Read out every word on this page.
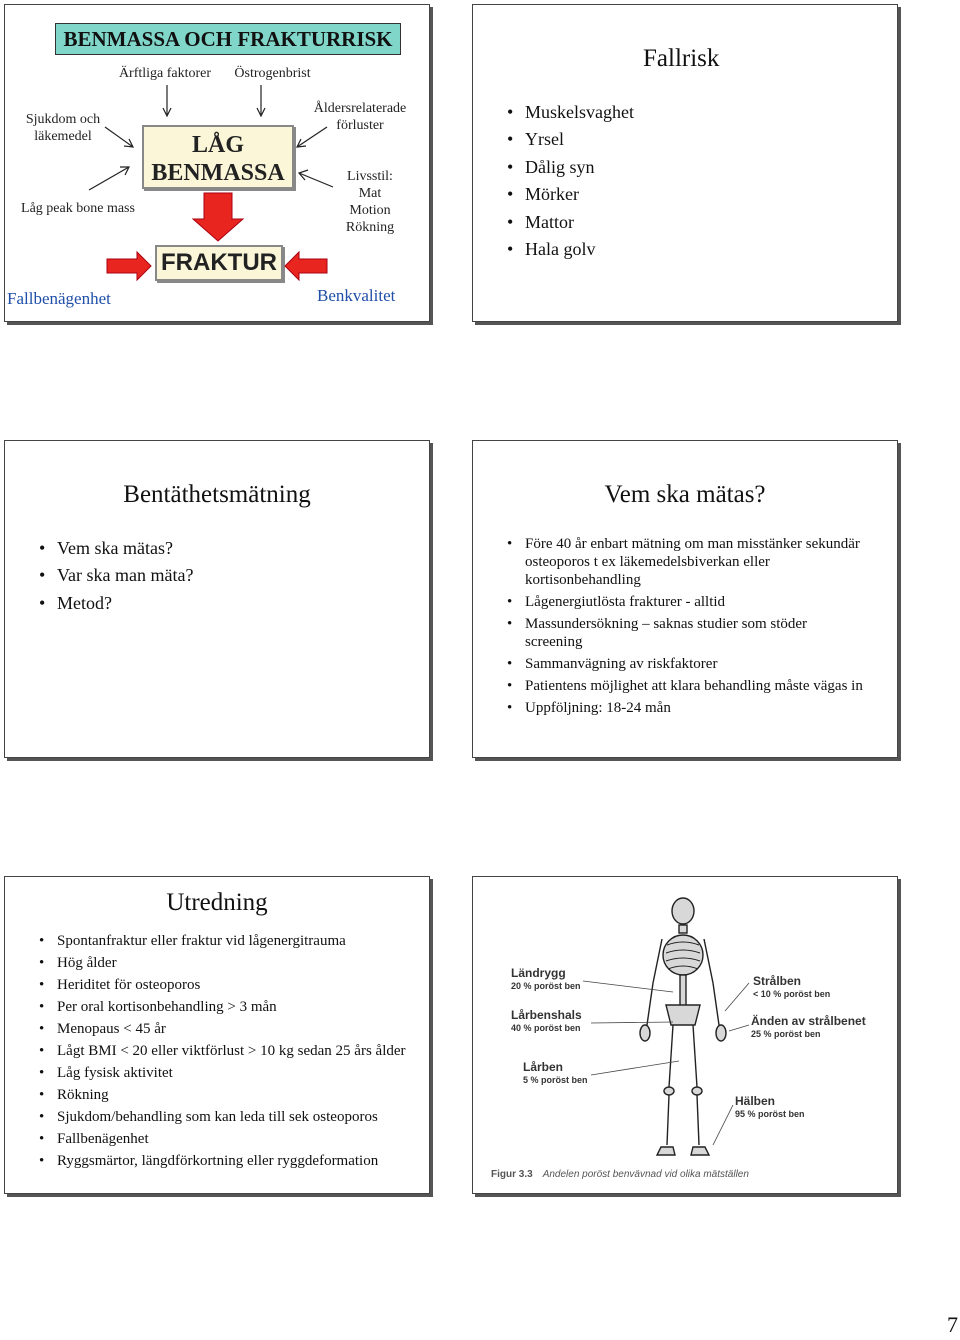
BENMASSA OCH FRAKTURRISK
Ärftliga faktorer	Östrogenbrist
Sjukdom och läkemedel
Låg peak bone mass
Åldersrelaterade förluster
Livsstil: Mat Motion Rökning
LÅG BENMASSA
FRAKTUR
Fallbenägenhet	Benkvalitet
Fallrisk
• Muskelsvaghet
• Yrsel
• Dålig syn
• Mörker
• Mattor
• Hala golv
Bentäthetsmätning
• Vem ska mätas?
• Var ska man mäta?
• Metod?
Vem ska mätas?
• Före 40 år enbart mätning om man misstänker sekundär osteoporos t ex läkemedelsbiverkan eller kortisonbehandling
• Lågenergiutlösta frakturer - alltid
• Massundersökning – saknas studier som stöder screening
• Sammanvägning av riskfaktorer
• Patientens möjlighet att klara behandling måste vägas in
• Uppföljning: 18-24 mån
Utredning
• Spontanfraktur eller fraktur vid lågenergitrauma
• Hög ålder
• Heriditet för osteoporos
• Per oral kortisonbehandling > 3 mån
• Menopaus < 45 år
• Lågt BMI < 20 eller viktförlust > 10 kg sedan 25 års ålder
• Låg fysisk aktivitet
• Rökning
• Sjukdom/behandling som kan leda till sek osteoporos
• Fallbenägenhet
• Ryggsmärtor, längdförkortning eller ryggdeformation
Ländrygg
20 % poröst ben
Lårbenshals
40 % poröst ben
Lårben
5 % poröst ben
Strålben
< 10 % poröst ben
Änden av strålbenet
25 % poröst ben
Hälben
95 % poröst ben
Figur 3.3 Andelen poröst benvävnad vid olika mätställen
7
